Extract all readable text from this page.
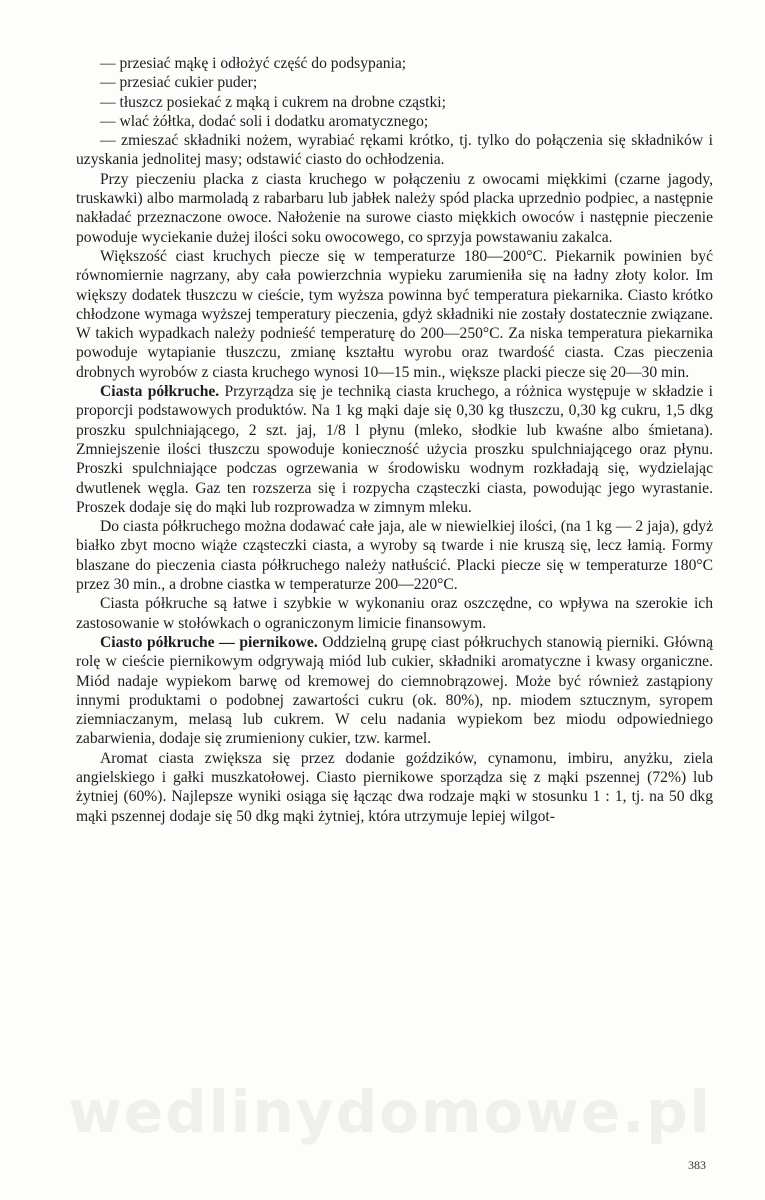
wedlinydomowe.pl

— przesiać mąkę i odłożyć część do podsypania;

— przesiać cukier puder;

— tłuszcz posiekać z mąką i cukrem na drobne cząstki;

— wlać żółtka, dodać soli i dodatku aromatycznego;

— zmieszać składniki nożem, wyrabiać rękami krótko, tj. tylko do połączenia się składników i uzyskania jednolitej masy; odstawić ciasto do ochłodzenia.

Przy pieczeniu placka z ciasta kruchego w połączeniu z owocami miękkimi (czarne jagody, truskawki) albo marmoladą z rabarbaru lub jabłek należy spód placka uprzednio podpiec, a następnie nakładać przeznaczone owoce. Nałożenie na surowe ciasto miękkich owoców i następnie pieczenie powoduje wyciekanie dużej ilości soku owocowego, co sprzyja powstawaniu zakalca.

Większość ciast kruchych piecze się w temperaturze 180—200°C. Piekarnik powinien być równomiernie nagrzany, aby cała powierzchnia wypieku zarumieniła się na ładny złoty kolor. Im większy dodatek tłuszczu w cieście, tym wyższa powinna być temperatura piekarnika. Ciasto krótko chłodzone wymaga wyższej temperatury pieczenia, gdyż składniki nie zostały dostatecznie związane. W takich wypadkach należy podnieść temperaturę do 200—250°C. Za niska temperatura piekarnika powoduje wytapianie tłuszczu, zmianę kształtu wyrobu oraz twardość ciasta. Czas pieczenia drobnych wyrobów z ciasta kruchego wynosi 10—15 min., większe placki piecze się 20—30 min.

Ciasta półkruche. Przyrządza się je techniką ciasta kruchego, a różnica występuje w składzie i proporcji podstawowych produktów. Na 1 kg mąki daje się 0,30 kg tłuszczu, 0,30 kg cukru, 1,5 dkg proszku spulchniającego, 2 szt. jaj, 1/8 l płynu (mleko, słodkie lub kwaśne albo śmietana). Zmniejszenie ilości tłuszczu spowoduje konieczność użycia proszku spulchniającego oraz płynu. Proszki spulchniające podczas ogrzewania w środowisku wodnym rozkładają się, wydzielając dwutlenek węgla. Gaz ten rozszerza się i rozpycha cząsteczki ciasta, powodując jego wyrastanie. Proszek dodaje się do mąki lub rozprowadza w zimnym mleku.

Do ciasta półkruchego można dodawać całe jaja, ale w niewielkiej ilości, (na 1 kg — 2 jaja), gdyż białko zbyt mocno wiąże cząsteczki ciasta, a wyroby są twarde i nie kruszą się, lecz łamią. Formy blaszane do pieczenia ciasta półkruchego należy natłuścić. Placki piecze się w temperaturze 180°C przez 30 min., a drobne ciastka w temperaturze 200—220°C.

Ciasta półkruche są łatwe i szybkie w wykonaniu oraz oszczędne, co wpływa na szerokie ich zastosowanie w stołówkach o ograniczonym limicie finansowym.

Ciasto półkruche — piernikowe. Oddzielną grupę ciast półkruchych stanowią pierniki. Główną rolę w cieście piernikowym odgrywają miód lub cukier, składniki aromatyczne i kwasy organiczne. Miód nadaje wypiekom barwę od kremowej do ciemnobrązowej. Może być również zastąpiony innymi produktami o podobnej zawartości cukru (ok. 80%), np. miodem sztucznym, syropem ziemniaczanym, melasą lub cukrem. W celu nadania wypiekom bez miodu odpowiedniego zabarwienia, dodaje się zrumieniony cukier, tzw. karmel.

Aromat ciasta zwiększa się przez dodanie goździków, cynamonu, imbiru, anyżku, ziela angielskiego i gałki muszkatołowej. Ciasto piernikowe sporządza się z mąki pszennej (72%) lub żytniej (60%). Najlepsze wyniki osiąga się łącząc dwa rodzaje mąki w stosunku 1 : 1, tj. na 50 dkg mąki pszennej dodaje się 50 dkg mąki żytniej, która utrzymuje lepiej wilgot-

383
